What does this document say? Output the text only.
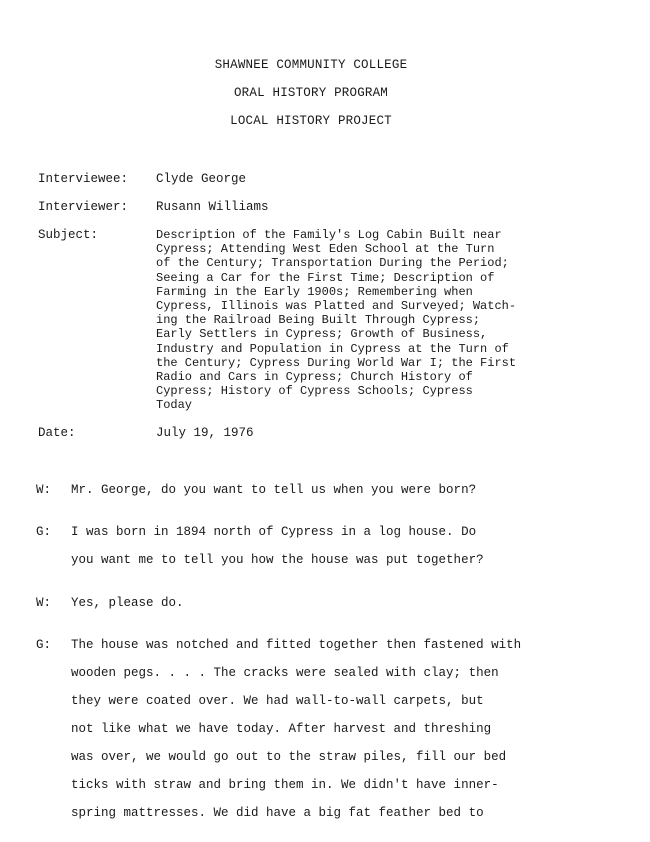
SHAWNEE COMMUNITY COLLEGE
ORAL HISTORY PROGRAM
LOCAL HISTORY PROJECT
Interviewee: Clyde George
Interviewer: Rusann Williams
Subject:	Description of the Family's Log Cabin Built near
Cypress; Attending West Eden School at the Turn
of the Century; Transportation During the Period;
Seeing a Car for the First Time; Description of
Farming in the Early 1900s; Remembering when
Cypress, Illinois was Platted and Surveyed; Watch-
ing the Railroad Being Built Through Cypress;
Early Settlers in Cypress; Growth of Business,
Industry and Population in Cypress at the Turn of
the Century; Cypress During World War I; the First
Radio and Cars in Cypress; Church History of
Cypress; History of Cypress Schools; Cypress
Today
Date:	July 19, 1976
W: Mr. George, do you want to tell us when you were born?
G: I was born in 1894 north of Cypress in a log house. Do
you want me to tell you how the house was put together?
W: Yes, please do.
G: The house was notched and fitted together then fastened with
wooden pegs. . . . The cracks were sealed with clay; then
they were coated over. We had wall-to-wall carpets, but
not like what we have today. After harvest and threshing
was over, we would go out to the straw piles, fill our bed
ticks with straw and bring them in. We didn't have inner-
spring mattresses. We did have a big fat feather bed to
